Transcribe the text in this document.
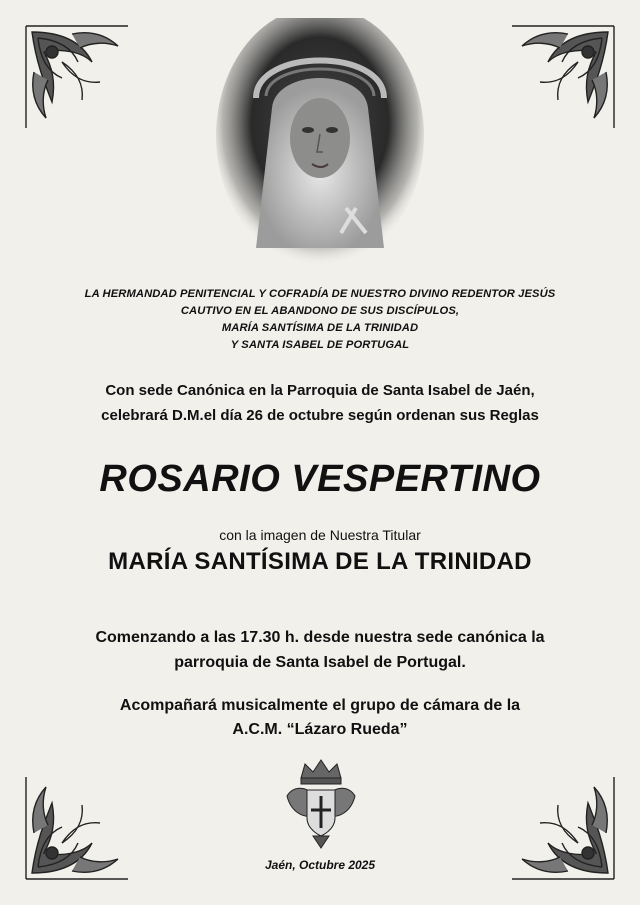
LA HERMANDAD PENITENCIAL Y COFRADÍA DE NUESTRO DIVINO REDENTOR JESÚS
CAUTIVO EN EL ABANDONO DE SUS DISCÍPULOS,
MARÍA SANTÍSIMA DE LA TRINIDAD
Y SANTA ISABEL DE PORTUGAL
Con sede Canónica en la Parroquia de Santa Isabel de Jaén,
celebrará D.M.el día 26 de octubre según ordenan sus Reglas
ROSARIO VESPERTINO
con la imagen de Nuestra Titular
MARÍA SANTÍSIMA DE LA TRINIDAD
Comenzando a las 17.30 h. desde nuestra sede canónica la
parroquia de Santa Isabel de Portugal.
Acompañará musicalmente el grupo de cámara de la
A.C.M. “Lázaro Rueda”
Jaén, Octubre 2025
